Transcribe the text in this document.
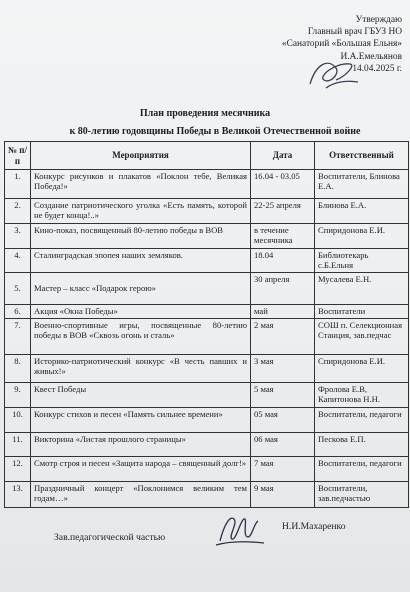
Утверждаю
Главный врач ГБУЗ НО
«Санаторий «Большая Ельня»
И.А.Емельянов
14.04.2025 г.
План проведения месячника
к 80-летию годовщины Победы в Великой Отечественной войне
№ п/п	Мероприятия	Дата	Ответственный
1.	Конкурс рисунков и плакатов «Поклон тебе, Великая Победа!»	16.04 - 03.05	Воспитатели, Блинова Е.А.
2.	Создание патриотического уголка «Есть память, которой не будет конца!..»	22-25 апреля	Блинова Е.А.
3.	Кино-показ, посвященный 80-летию победы в ВОВ	в течение месячника	Спиридонова Е.И.
4.	Сталинградская эпопея наших земляков.	18.04	Библиотекарь с.Б.Ельня
5.	Мастер – класс «Подарок герою»	30 апреля	Мусалева Е.Н.
6.	Акция «Окна Победы»	май	Воспитатели
7.	Военно-спортивные игры, посвященные 80-летию победы в ВОВ «Сквозь огонь и сталь»	2 мая	СОШ п. Селекционная Станция, зав.педчас
8.	Историко-патриотический конкурс «В честь павших и живых!»	3 мая	Спиридонова Е.И.
9.	Квест Победы	5 мая	Фролова Е.В, Капитонова Н.Н.
10.	Конкурс стихов и песен «Память сильнее времени»	05 мая	Воспитатели, педагоги
11.	Викторина «Листая прошлого страницы»	06 мая	Пескова Е.П.
12.	Смотр строя и песен «Защита народа – священный долг!»	7 мая	Воспитатели, педагоги
13.	Праздничный концерт «Поклонимся великим тем годам…»	9 мая	Воспитатели, зав.педчастью
Зав.педагогической частью
Н.И.Махаренко
